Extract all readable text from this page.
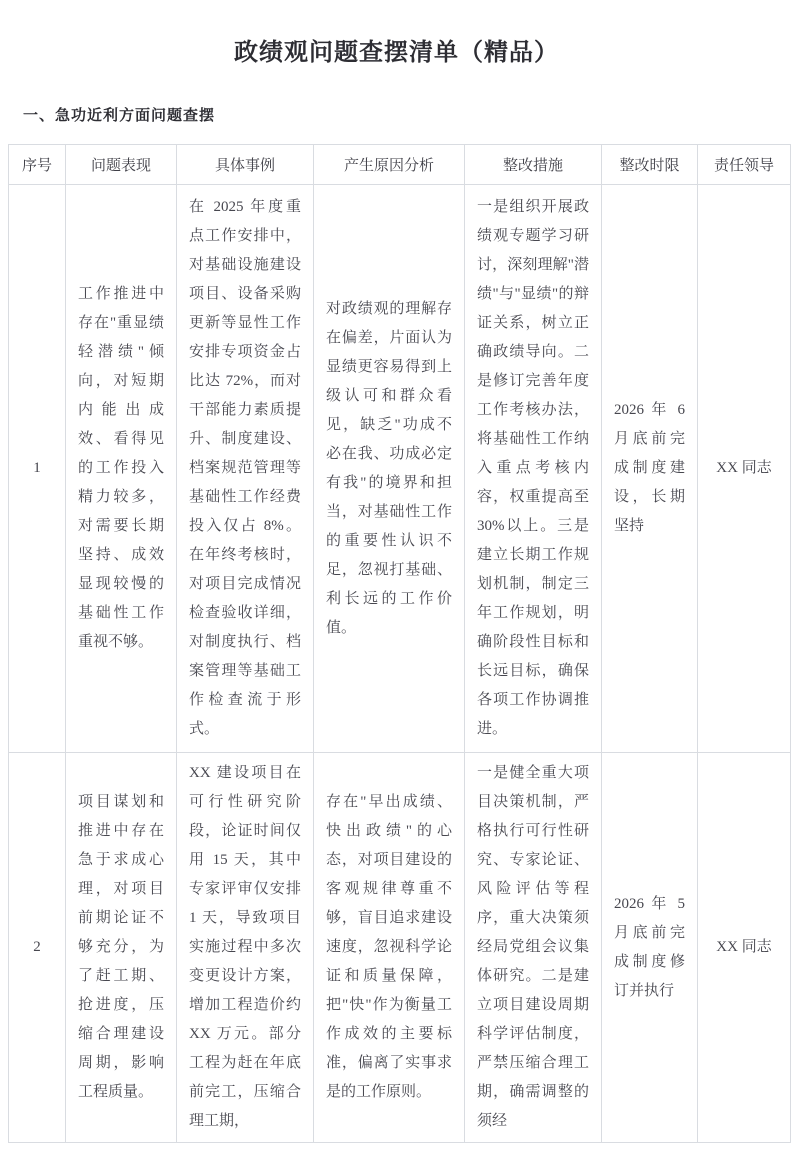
政绩观问题查摆清单（精品）
一、急功近利方面问题查摆
序号	问题表现	具体事例	产生原因分析	整改措施	整改时限	责任领导
1	工作推进中存在"重显绩轻潜绩"倾向，对短期内能出成效、看得见的工作投入精力较多，对需要长期坚持、成效显现较慢的基础性工作重视不够。	在 2025 年度重点工作安排中，对基础设施建设项目、设备采购更新等显性工作安排专项资金占比达 72%，而对干部能力素质提升、制度建设、档案规范管理等基础性工作经费投入仅占 8%。在年终考核时，对项目完成情况检查验收详细，对制度执行、档案管理等基础工作检查流于形式。	对政绩观的理解存在偏差，片面认为显绩更容易得到上级认可和群众看见，缺乏"功成不必在我、功成必定有我"的境界和担当，对基础性工作的重要性认识不足，忽视打基础、利长远的工作价值。	一是组织开展政绩观专题学习研讨，深刻理解"潜绩"与"显绩"的辩证关系，树立正确政绩导向。二是修订完善年度工作考核办法，将基础性工作纳入重点考核内容，权重提高至 30%以上。三是建立长期工作规划机制，制定三年工作规划，明确阶段性目标和长远目标，确保各项工作协调推进。	2026 年 6 月底前完成制度建设，长期坚持	XX 同志
2	项目谋划和推进中存在急于求成心理，对项目前期论证不够充分，为了赶工期、抢进度，压缩合理建设周期，影响工程质量。	XX 建设项目在可行性研究阶段，论证时间仅用 15 天，其中专家评审仅安排 1 天，导致项目实施过程中多次变更设计方案，增加工程造价约 XX 万元。部分工程为赶在年底前完工，压缩合理工期，	存在"早出成绩、快出政绩"的心态，对项目建设的客观规律尊重不够，盲目追求建设速度，忽视科学论证和质量保障，把"快"作为衡量工作成效的主要标准，偏离了实事求是的工作原则。	一是健全重大项目决策机制，严格执行可行性研究、专家论证、风险评估等程序，重大决策须经局党组会议集体研究。二是建立项目建设周期科学评估制度，严禁压缩合理工期，确需调整的须经	2026 年 5 月底前完成制度修订并执行	XX 同志
